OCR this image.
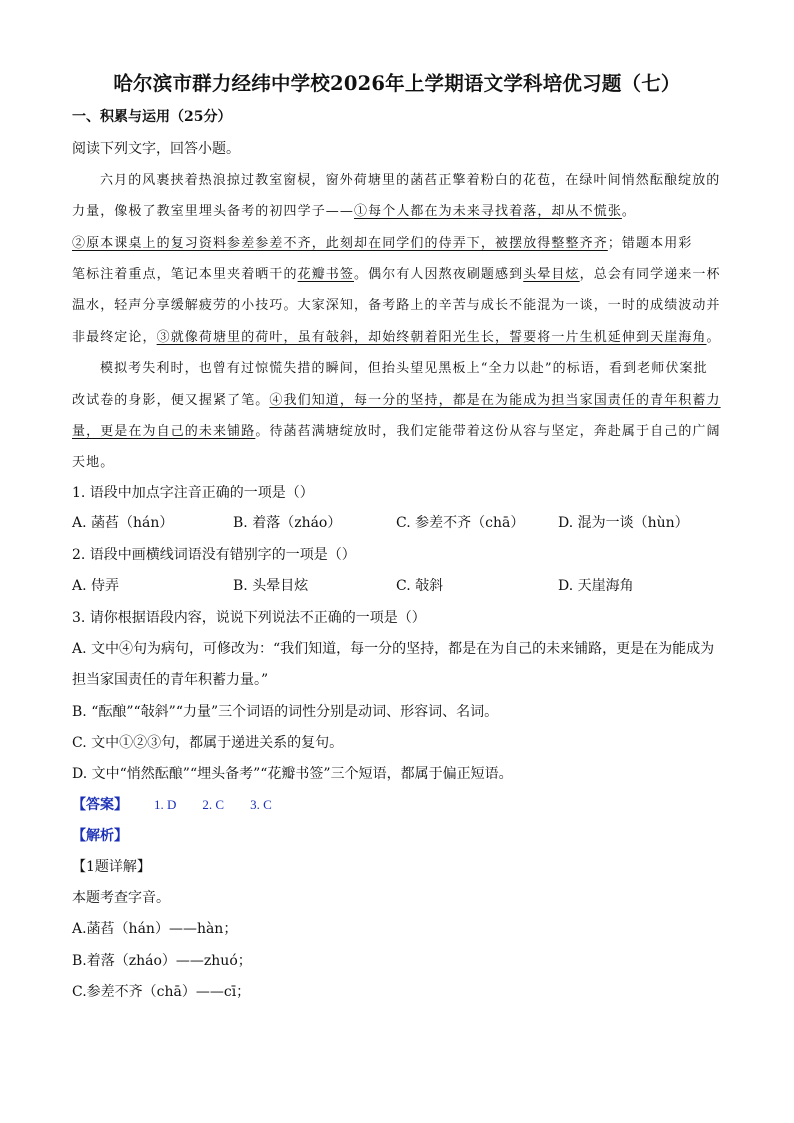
哈尔滨市群力经纬中学校2026年上学期语文学科培优习题（七）
一、积累与运用（25分）
阅读下列文字，回答小题。
六月的风裹挟着热浪掠过教室窗棂，窗外荷塘里的菡萏正擎着粉白的花苞，在绿叶间悄然酝酿绽放的
力量，像极了教室里埋头备考的初四学子——①每个人都在为未来寻找着落，却从不慌张。
②原本课桌上的复习资料参差参差不齐，此刻却在同学们的侍弄下，被摆放得整整齐齐；错题本用彩
笔标注着重点，笔记本里夹着晒干的花瓣书签。偶尔有人因熬夜刷题感到头晕目炫，总会有同学递来一杯
温水，轻声分享缓解疲劳的小技巧。大家深知，备考路上的辛苦与成长不能混为一谈，一时的成绩波动并
非最终定论，③就像荷塘里的荷叶，虽有敧斜，却始终朝着阳光生长，誓要将一片生机延伸到天崖海角。
模拟考失利时，也曾有过惊慌失措的瞬间，但抬头望见黑板上“全力以赴”的标语，看到老师伏案批
改试卷的身影，便又握紧了笔。④我们知道，每一分的坚持，都是在为能成为担当家国责任的青年积蓄力
量，更是在为自己的未来铺路。待菡萏满塘绽放时，我们定能带着这份从容与坚定，奔赴属于自己的广阔
天地。
1. 语段中加点字注音正确的一项是（）
A. 菡萏（hán）	B. 着落（zháo）	C. 参差不齐（chā） D. 混为一谈（hùn）
2. 语段中画横线词语没有错别字的一项是（）
A. 侍弄	B. 头晕目炫	C. 敧斜	D. 天崖海角
3. 请你根据语段内容，说说下列说法不正确的一项是（）
A. 文中④句为病句，可修改为：“我们知道，每一分的坚持，都是在为自己的未来铺路，更是在为能成为
担当家国责任的青年积蓄力量。”
B. “酝酿”“敧斜”“力量”三个词语的词性分别是动词、形容词、名词。
C. 文中①②③句，都属于递进关系的复句。
D. 文中“悄然酝酿”“埋头备考”“花瓣书签”三个短语，都属于偏正短语。
【答案】 1. D 2. C 3. C
【解析】
【1题详解】
本题考查字音。
A.菡萏（hán）——hàn；
B.着落（zháo）——zhuó；
C.参差不齐（chā）——cī；
